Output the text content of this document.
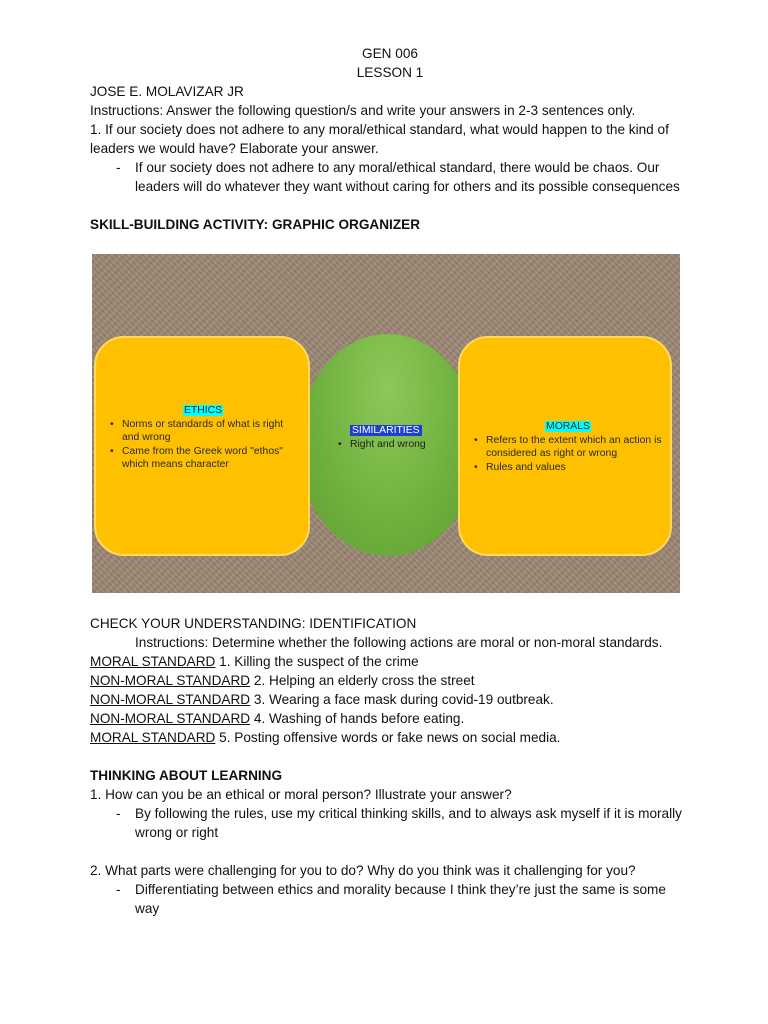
GEN 006
LESSON 1
JOSE E. MOLAVIZAR JR
Instructions: Answer the following question/s and write your answers in 2-3 sentences only.
1. If our society does not adhere to any moral/ethical standard, what would happen to the kind of leaders we would have? Elaborate your answer.
-	If our society does not adhere to any moral/ethical standard, there would be chaos. Our leaders will do whatever they want without caring for others and its possible consequences
SKILL-BUILDING ACTIVITY: GRAPHIC ORGANIZER
ETHICS
• Norms or standards of what is right and wrong
• Came from the Greek word "ethos" which means character
SIMILARITIES
• Right and wrong
MORALS
• Refers to the extent which an action is considered as right or wrong
• Rules and values
CHECK YOUR UNDERSTANDING: IDENTIFICATION
Instructions: Determine whether the following actions are moral or non-moral standards.
MORAL STANDARD 1. Killing the suspect of the crime
NON-MORAL STANDARD 2. Helping an elderly cross the street
NON-MORAL STANDARD 3. Wearing a face mask during covid-19 outbreak.
NON-MORAL STANDARD 4. Washing of hands before eating.
MORAL STANDARD 5. Posting offensive words or fake news on social media.
THINKING ABOUT LEARNING
1. How can you be an ethical or moral person? Illustrate your answer?
-	By following the rules, use my critical thinking skills, and to always ask myself if it is morally wrong or right
2. What parts were challenging for you to do? Why do you think was it challenging for you?
-	Differentiating between ethics and morality because I think they’re just the same is some way
